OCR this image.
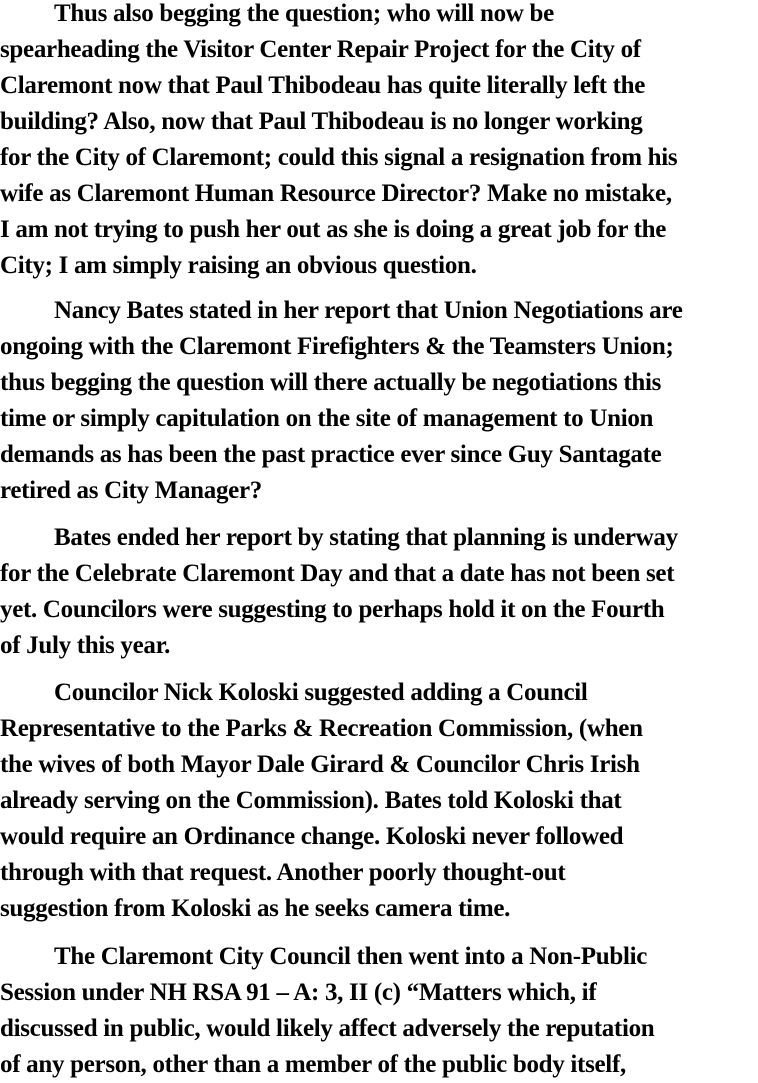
Thus also begging the question; who will now be
spearheading the Visitor Center Repair Project for the City of
Claremont now that Paul Thibodeau has quite literally left the
building? Also, now that Paul Thibodeau is no longer working
for the City of Claremont; could this signal a resignation from his
wife as Claremont Human Resource Director? Make no mistake,
I am not trying to push her out as she is doing a great job for the
City; I am simply raising an obvious question.
Nancy Bates stated in her report that Union Negotiations are
ongoing with the Claremont Firefighters & the Teamsters Union;
thus begging the question will there actually be negotiations this
time or simply capitulation on the site of management to Union
demands as has been the past practice ever since Guy Santagate
retired as City Manager?
Bates ended her report by stating that planning is underway
for the Celebrate Claremont Day and that a date has not been set
yet. Councilors were suggesting to perhaps hold it on the Fourth
of July this year.
Councilor Nick Koloski suggested adding a Council
Representative to the Parks & Recreation Commission, (when
the wives of both Mayor Dale Girard & Councilor Chris Irish
already serving on the Commission). Bates told Koloski that
would require an Ordinance change. Koloski never followed
through with that request. Another poorly thought-out
suggestion from Koloski as he seeks camera time.
The Claremont City Council then went into a Non-Public
Session under NH RSA 91 – A: 3, II (c) “Matters which, if
discussed in public, would likely affect adversely the reputation
of any person, other than a member of the public body itself,
